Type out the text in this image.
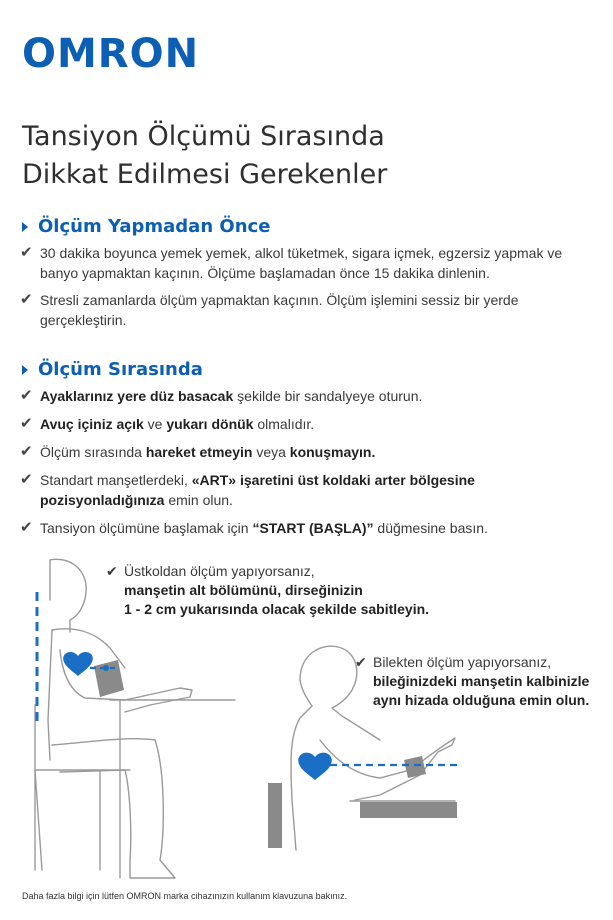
OMRON
Tansiyon Ölçümü Sırasında
Dikkat Edilmesi Gerekenler
Ölçüm Yapmadan Önce
✔ 30 dakika boyunca yemek yemek, alkol tüketmek, sigara içmek, egzersiz yapmak ve banyo yapmaktan kaçının. Ölçüme başlamadan önce 15 dakika dinlenin.
✔ Stresli zamanlarda ölçüm yapmaktan kaçının. Ölçüm işlemini sessiz bir yerde gerçekleştirin.
Ölçüm Sırasında
✔ Ayaklarınız yere düz basacak şekilde bir sandalyeye oturun.
✔ Avuç içiniz açık ve yukarı dönük olmalıdır.
✔ Ölçüm sırasında hareket etmeyin veya konuşmayın.
✔ Standart manşetlerdeki, «ART» işaretini üst koldaki arter bölgesine pozisyonladığınıza emin olun.
✔ Tansiyon ölçümüne başlamak için “START (BAŞLA)” düğmesine basın.
✔ Üstkoldan ölçüm yapıyorsanız,
manşetin alt bölümünü, dirseğinizin
1 - 2 cm yukarısında olacak şekilde sabitleyin.
✔ Bilekten ölçüm yapıyorsanız,
bileğinizdeki manşetin kalbinizle
aynı hizada olduğuna emin olun.
Daha fazla bilgi için lütfen OMRON marka cihazınızın kullanım klavuzuna bakınız.
